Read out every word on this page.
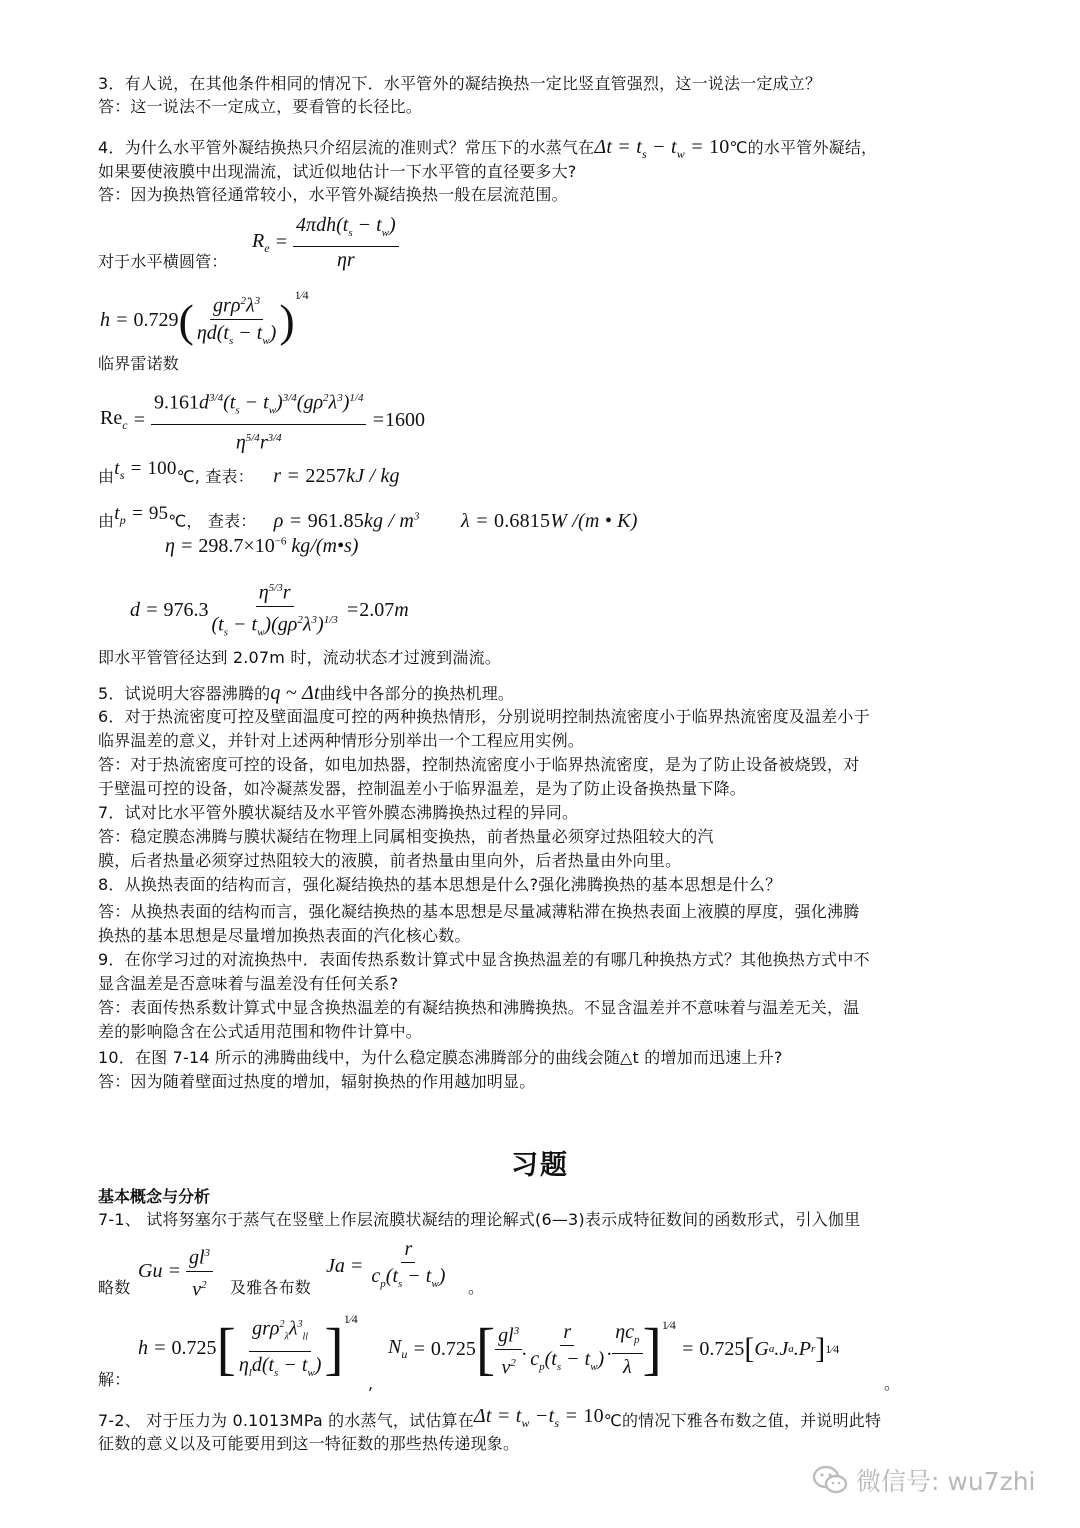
3．有人说，在其他条件相同的情况下．水平管外的凝结换热一定比竖直管强烈，这一说法一定成立？
答：这一说法不一定成立，要看管的长径比。
4．为什么水平管外凝结换热只介绍层流的准则式？常压下的水蒸气在$\Delta t = t_s - t_w$ = 10℃的水平管外凝结，
如果要使液膜中出现湍流，试近似地估计一下水平管的直径要多大?
答：因为换热管径通常较小，水平管外凝结换热一般在层流范围。
$R_e = \frac{4\pi dh(t_s - t_w)}{\eta r}$
对于水平横圆管：
h = 0.729 ( $\frac{gr\rho^2\lambda^3}{\eta d(t_s - t_w)}$ ) 1⁄4
临界雷诺数
$Re_c = \frac{9.161d^{3/4}(t_s - t_w)^{3/4}(g\rho^2\lambda^3)^{1/4}}{\eta^{5/4}r^{3/4}} = 1600$
由$t_s$ = 100℃, 查表： r = 2257kJ / kg
由$t_p$ = 95℃， 查表： $\rho = 961.85kg / m^3$ λ = 0.6815W /(m • K)
$\eta = 298.7\times 10^{-6}$
kg /( m • s )
$d = 976.3 \frac{\eta^{5/3}r}{(t_s - t_w)(g\rho^2\lambda^3)^{1/3}} = 2.07$ m
即水平管管径达到 2.07m 时，流动状态才过渡到湍流。
5．试说明大容器沸腾的q ~ Δt曲线中各部分的换热机理。
6．对于热流密度可控及壁面温度可控的两种换热情形，分别说明控制热流密度小于临界热流密度及温差小于
临界温差的意义，并针对上述两种情形分别举出一个工程应用实例。
答：对于热流密度可控的设备，如电加热器，控制热流密度小于临界热流密度，是为了防止设备被烧毁，对
于壁温可控的设备，如冷凝蒸发器，控制温差小于临界温差，是为了防止设备换热量下降。
7．试对比水平管外膜状凝结及水平管外膜态沸腾换热过程的异同。
答：稳定膜态沸腾与膜状凝结在物理上同属相变换热，前者热量必须穿过热阻较大的汽
膜，后者热量必须穿过热阻较大的液膜，前者热量由里向外，后者热量由外向里。
8．从换热表面的结构而言，强化凝结换热的基本思想是什么?强化沸腾换热的基本思想是什么？
答：从换热表面的结构而言，强化凝结换热的基本思想是尽量减薄粘滞在换热表面上液膜的厚度，强化沸腾
换热的基本思想是尽量增加换热表面的汽化核心数。
9．在你学习过的对流换热中．表面传热系数计算式中显含换热温差的有哪几种换热方式？其他换热方式中不
显含温差是否意味着与温差没有任何关系?
答：表面传热系数计算式中显含换热温差的有凝结换热和沸腾换热。不显含温差并不意味着与温差无关，温
差的影响隐含在公式适用范围和物件计算中。
10．在图 7-14 所示的沸腾曲线中，为什么稳定膜态沸腾部分的曲线会随△t 的增加而迅速上升?
答：因为随着壁面过热度的增加，辐射换热的作用越加明显。
习题
基本概念与分析
7-1、 试将努塞尔于蒸气在竖壁上作层流膜状凝结的理论解式(6—3)表示成特征数间的函数形式，引入伽里
略数
$Gu = \frac{gl^3}{\nu^2}$ 及雅各布数
$Ja = \frac{r}{c_p(t_s - t_w)}$ 。
解：
h = 0.725 [ $\frac{gr\rho^2_\lambda\lambda^3_{ll}}{\eta_ld(t_s - t_w)}$ ] 1⁄4
,
$N_u = 0.725$ [ $\frac{gl^3}{\nu^2}$ . $\frac{r}{c_p(t_s - t_w)}$ . $\frac{\eta c_p}{\lambda}$ ] 1⁄4
= 0.725 [ G a . J a . P r ] 1⁄4
。
7-2、 对于压力为 0.1013MPa 的水蒸气，试估算在$\Delta t = t_w -t_s$ = 10℃的情况下雅各布数之值，并说明此特
征数的意义以及可能要用到这一特征数的那些热传递现象。
微信号: wu7zhi
